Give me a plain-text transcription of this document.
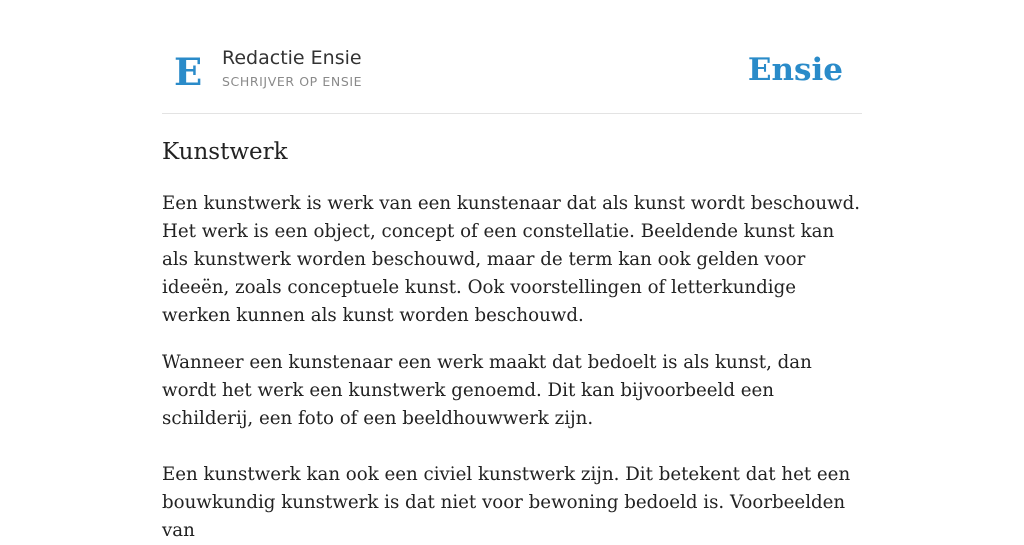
E Redactie Ensie
SCHRIJVER OP ENSIE	Ensie
Kunstwerk

Een kunstwerk is werk van een kunstenaar dat als kunst wordt beschouwd. Het werk is een object, concept of een constellatie. Beeldende kunst kan als kunstwerk worden beschouwd, maar de term kan ook gelden voor ideeën, zoals conceptuele kunst. Ook voorstellingen of letterkundige werken kunnen als kunst worden beschouwd.

Wanneer een kunstenaar een werk maakt dat bedoelt is als kunst, dan wordt het werk een kunstwerk genoemd. Dit kan bijvoorbeeld een schilderij, een foto of een beeldhouwwerk zijn.

Een kunstwerk kan ook een civiel kunstwerk zijn. Dit betekent dat het een bouwkundig kunstwerk is dat niet voor bewoning bedoeld is. Voorbeelden van
